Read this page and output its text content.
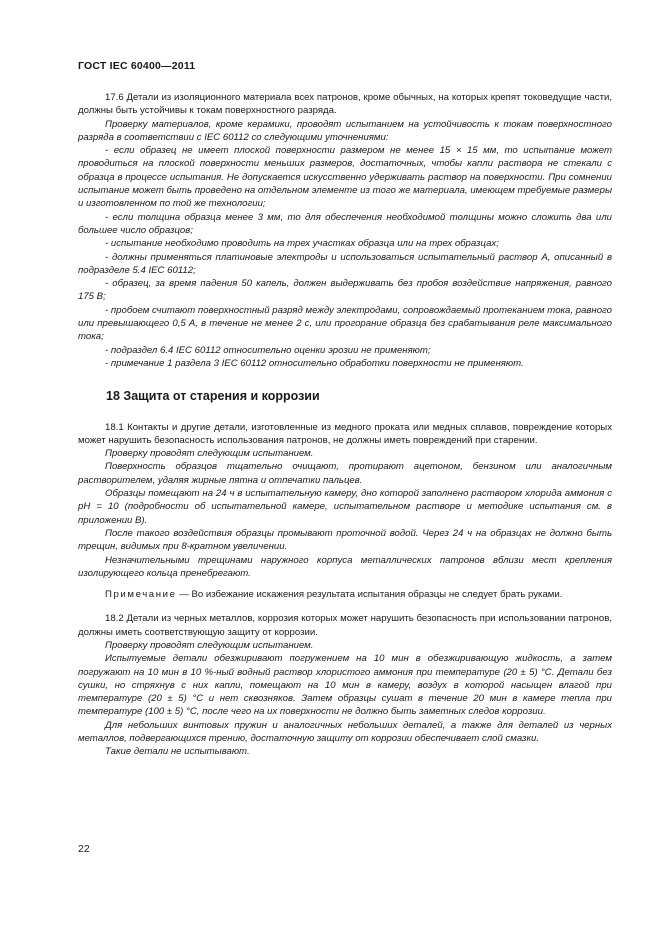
ГОСТ IEC 60400—2011

17.6 Детали из изоляционного материала всех патронов, кроме обычных, на которых крепят токоведущие части, должны быть устойчивы к токам поверхностного разряда.

Проверку материалов, кроме керамики, проводят испытанием на устойчивость к токам поверхностного разряда в соответствии с IEC 60112 со следующими уточнениями:

- если образец не имеет плоской поверхности размером не менее 15 × 15 мм, то испытание может проводиться на плоской поверхности меньших размеров, достаточных, чтобы капли раствора не стекали с образца в процессе испытания. Не допускается искусственно удерживать раствор на поверхности. При сомнении испытание может быть проведено на отдельном элементе из того же материала, имеющем требуемые размеры и изготовленном по той же технологии;

- если толщина образца менее 3 мм, то для обеспечения необходимой толщины можно сложить два или большее число образцов;

- испытание необходимо проводить на трех участках образца или на трех образцах;

- должны применяться платиновые электроды и использоваться испытательный раствор А, описанный в подразделе 5.4 IEC 60112;

- образец, за время падения 50 капель, должен выдерживать без пробоя воздействие напряжения, равного 175 В;

- пробоем считают поверхностный разряд между электродами, сопровождаемый протеканием тока, равного или превышающего 0,5 А, в течение не менее 2 с, или прогорание образца без срабатывания реле максимального тока;

- подраздел 6.4 IEC 60112 относительно оценки эрозии не применяют;

- примечание 1 раздела 3 IEC 60112 относительно обработки поверхности не применяют.

18 Защита от старения и коррозии

18.1 Контакты и другие детали, изготовленные из медного проката или медных сплавов, повреждение которых может нарушить безопасность использования патронов, не должны иметь повреждений при старении.

Проверку проводят следующим испытанием.

Поверхность образцов тщательно очищают, протирают ацетоном, бензином или аналогичным растворителем, удаляя жирные пятна и отпечатки пальцев.

Образцы помещают на 24 ч в испытательную камеру, дно которой заполнено раствором хлорида аммония с pH = 10 (подробности об испытательной камере, испытательном растворе и методике испытания см. в приложении В).

После такого воздействия образцы промывают проточной водой. Через 24 ч на образцах не должно быть трещин, видимых при 8-кратном увеличении.

Незначительными трещинами наружного корпуса металлических патронов вблизи мест крепления изолирующего кольца пренебрегают.

Примечание — Во избежание искажения результата испытания образцы не следует брать руками.

18.2 Детали из черных металлов, коррозия которых может нарушить безопасность при использовании патронов, должны иметь соответствующую защиту от коррозии.

Проверку проводят следующим испытанием.

Испытуемые детали обезжиривают погружением на 10 мин в обезжиривающую жидкость, а затем погружают на 10 мин в 10 %-ный водный раствор хлористого аммония при температуре (20 ± 5) °С. Детали без сушки, но стряхнув с них капли, помещают на 10 мин в камеру, воздух в которой насыщен влагой при температуре (20 ± 5) °С и нет сквозняков. Затем образцы сушат в течение 20 мин в камере тепла при температуре (100 ± 5) °С, после чего на их поверхности не должно быть заметных следов коррозии.

Для небольших винтовых пружин и аналогичных небольших деталей, а также для деталей из черных металлов, подвергающихся трению, достаточную защиту от коррозии обеспечивает слой смазки.

Такие детали не испытывают.

22
